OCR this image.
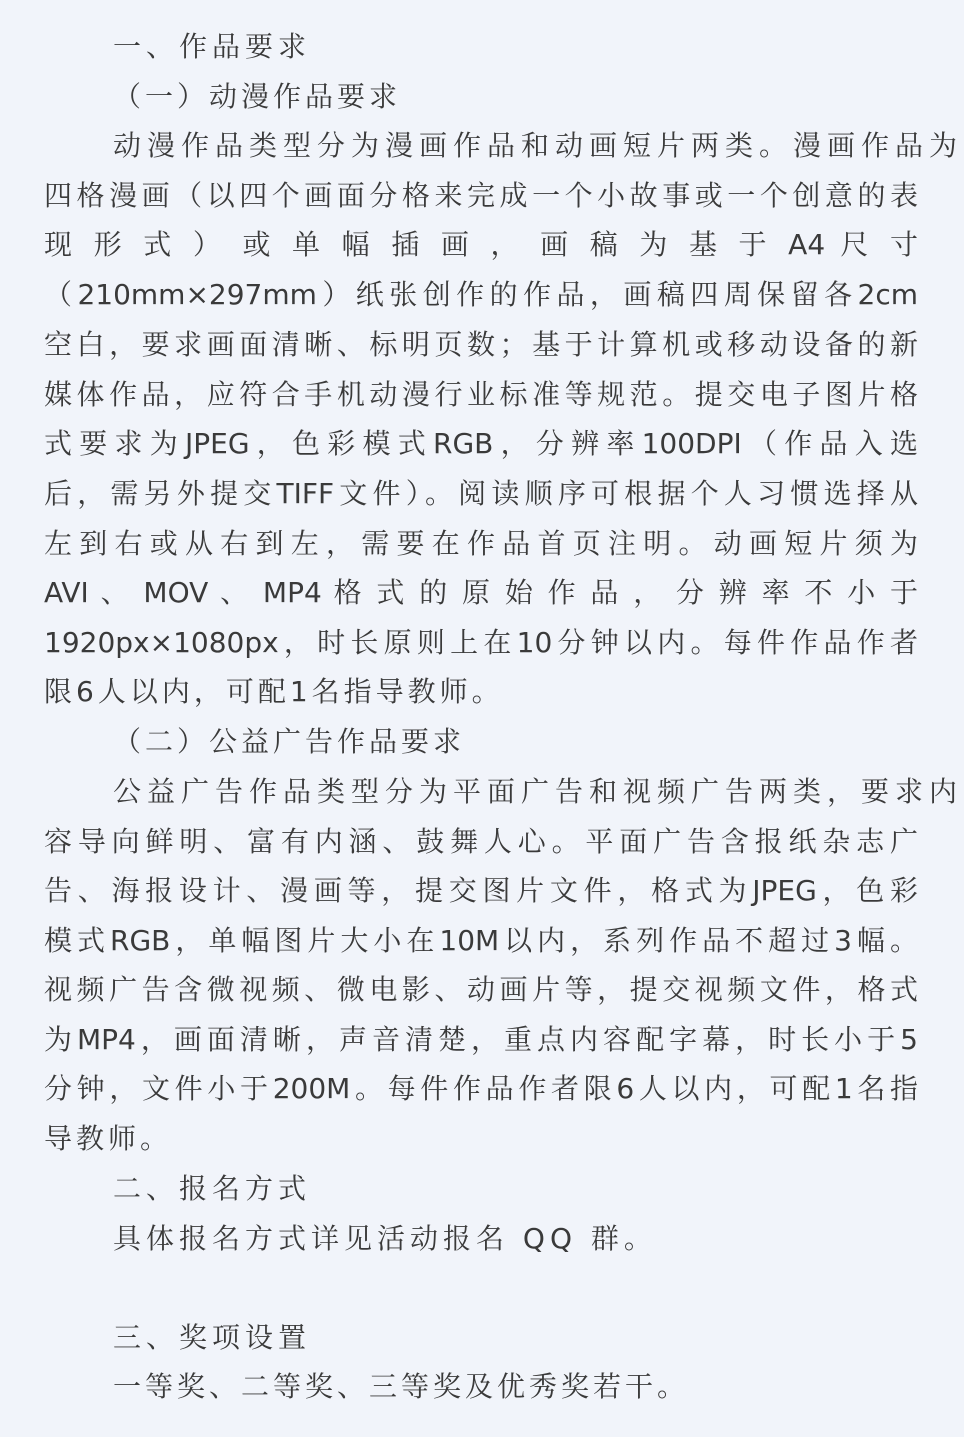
一、作品要求

（一）动漫作品要求

动漫作品类型分为漫画作品和动画短片两类。漫画作品为

四格漫画（以四个画面分格来完成一个小故事或一个创意的表

现 形 式 ） 或 单 幅 插 画 ， 画 稿 为 基 于 A4 尺 寸

（210mm×297mm）纸张创作的作品，画稿四周保留各2cm

空白，要求画面清晰、标明页数；基于计算机或移动设备的新

媒体作品，应符合手机动漫行业标准等规范。提交电子图片格

式要求为JPEG，色彩模式RGB，分辨率100DPI（作品入选

后，需另外提交TIFF文件）。阅读顺序可根据个人习惯选择从

左到右或从右到左，需要在作品首页注明。动画短片须为

AVI 、 MOV 、 MP4 格 式 的 原 始 作 品 ， 分 辨 率 不 小 于

1920px×1080px，时长原则上在10分钟以内。每件作品作者

限6人以内，可配1名指导教师。

（二）公益广告作品要求

公益广告作品类型分为平面广告和视频广告两类，要求内

容导向鲜明、富有内涵、鼓舞人心。平面广告含报纸杂志广

告、海报设计、漫画等，提交图片文件，格式为JPEG，色彩

模式RGB，单幅图片大小在10M以内，系列作品不超过3幅。

视频广告含微视频、微电影、动画片等，提交视频文件，格式

为MP4，画面清晰，声音清楚，重点内容配字幕，时长小于5

分钟，文件小于200M。每件作品作者限6人以内，可配1名指

导教师。

二、报名方式

具体报名方式详见活动报名 QQ 群。

三、奖项设置

一等奖、二等奖、三等奖及优秀奖若干。
